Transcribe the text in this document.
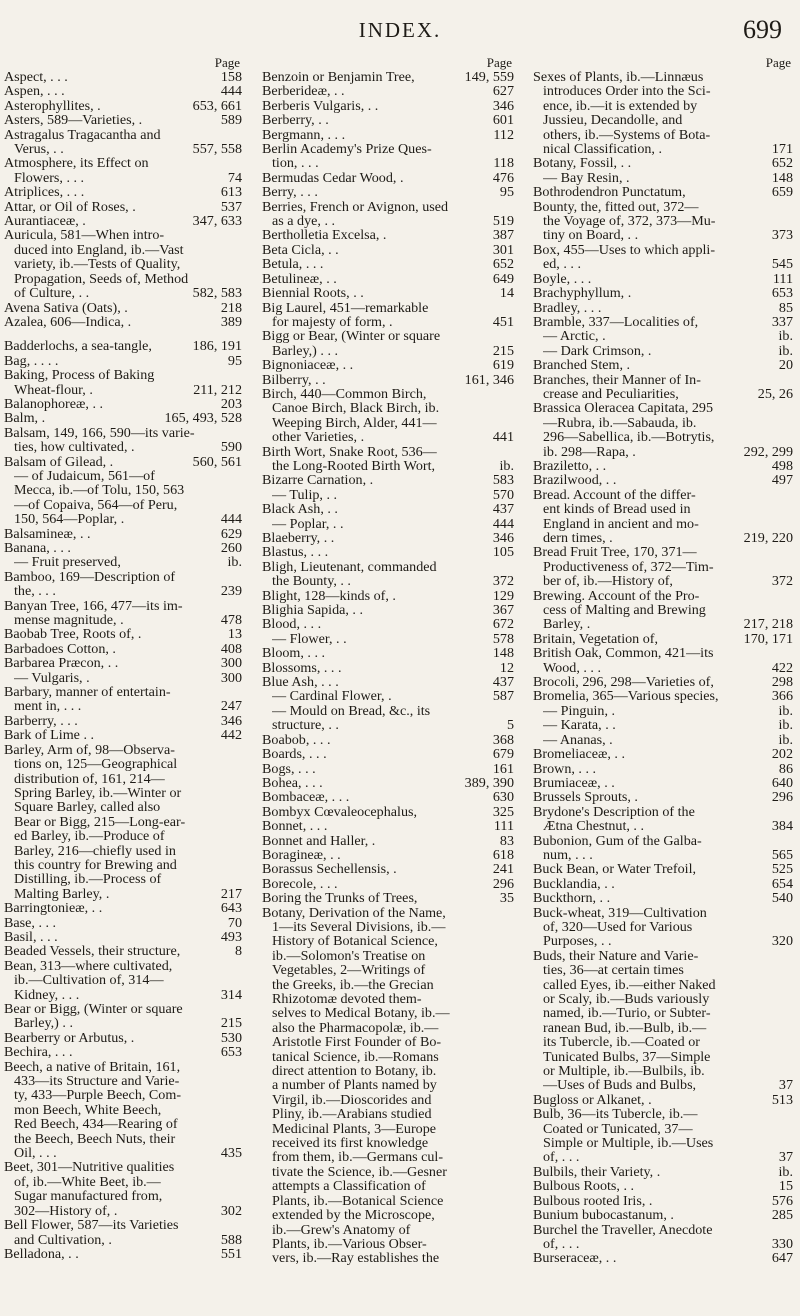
INDEX.	699
Page
Aspect, . . .	158
Aspen, . . .	444
Asterophyllites, .	653, 661
Asters, 589—Varieties, .	589
Astragalus Tragacantha and
Verus, . .	557, 558
Atmosphere, its Effect on
Flowers, . . .	74
Atriplices, . . .	613
Attar, or Oil of Roses, .	537
Aurantiaceæ, .	347, 633
Auricula, 581—When intro-
duced into England, ib.—Vast
variety, ib.—Tests of Quality,
Propagation, Seeds of, Method
of Culture, . .	582, 583
Avena Sativa (Oats), .	218
Azalea, 606—Indica, .	389
Badderlochs, a sea-tangle,	186, 191
Bag, . . . .	95
Baking, Process of Baking
Wheat-flour, .	211, 212
Balanophoreæ, . .	203
Balm, .	165, 493, 528
Balsam, 149, 166, 590—its varie-
ties, how cultivated, .	590
Balsam of Gilead, .	560, 561
— of Judaicum, 561—of
Mecca, ib.—of Tolu, 150, 563
—of Copaiva, 564—of Peru,
150, 564—Poplar, .	444
Balsamineæ, . .	629
Banana, . . .	260
— Fruit preserved,	ib.
Bamboo, 169—Description of
the, . . .	239
Banyan Tree, 166, 477—its im-
mense magnitude, .	478
Baobab Tree, Roots of, .	13
Barbadoes Cotton, .	408
Barbarea Præcon, . .	300
— Vulgaris, .	300
Barbary, manner of entertain-
ment in, . . .	247
Barberry, . . .	346
Bark of Lime . .	442
Barley, Arm of, 98—Observa-
tions on, 125—Geographical
distribution of, 161, 214—
Spring Barley, ib.—Winter or
Square Barley, called also
Bear or Bigg, 215—Long-ear-
ed Barley, ib.—Produce of
Barley, 216—chiefly used in
this country for Brewing and
Distilling, ib.—Process of
Malting Barley, .	217
Barringtonieæ, . .	643
Base, . . .	70
Basil, . . .	493
Beaded Vessels, their structure,	8
Bean, 313—where cultivated,
ib.—Cultivation of, 314—
Kidney, . . .	314
Bear or Bigg, (Winter or square
Barley,) . .	215
Bearberry or Arbutus, .	530
Bechira, . . .	653
Beech, a native of Britain, 161,
433—its Structure and Varie-
ty, 433—Purple Beech, Com-
mon Beech, White Beech,
Red Beech, 434—Rearing of
the Beech, Beech Nuts, their
Oil, . . .	435
Beet, 301—Nutritive qualities
of, ib.—White Beet, ib.—
Sugar manufactured from,
302—History of, .	302
Bell Flower, 587—its Varieties
and Cultivation, .	588
Belladona, . .	551
Page
Benzoin or Benjamin Tree,	149, 559
Berberideæ, . .	627
Berberis Vulgaris, . .	346
Berberry, . .	601
Bergmann, . . .	112
Berlin Academy's Prize Ques-
tion, . . .	118
Bermudas Cedar Wood, .	476
Berry, . . .	95
Berries, French or Avignon, used
as a dye, . .	519
Bertholletia Excelsa, .	387
Beta Cicla, . .	301
Betula, . . .	652
Betulineæ, . .	649
Biennial Roots, . .	14
Big Laurel, 451—remarkable
for majesty of form, .	451
Bigg or Bear, (Winter or square
Barley,) . . .	215
Bignoniaceæ, . .	619
Bilberry, . .	161, 346
Birch, 440—Common Birch,
Canoe Birch, Black Birch, ib.
Weeping Birch, Alder, 441—
other Varieties, .	441
Birth Wort, Snake Root, 536—
the Long-Rooted Birth Wort,	ib.
Bizarre Carnation, .	583
— Tulip, . .	570
Black Ash, . .	437
— Poplar, . .	444
Blaeberry, . .	346
Blastus, . . .	105
Bligh, Lieutenant, commanded
the Bounty, . .	372
Blight, 128—kinds of, .	129
Blighia Sapida, . .	367
Blood, . . .	672
— Flower, . .	578
Bloom, . . .	148
Blossoms, . . .	12
Blue Ash, . . .	437
— Cardinal Flower, .	587
— Mould on Bread, &c., its
structure, . .	5
Boabob, . . .	368
Boards, . . .	679
Bogs, . . .	161
Bohea, . . .	389, 390
Bombaceæ, . . .	630
Bombyx Cœvaleocephalus,	325
Bonnet, . . .	111
Bonnet and Haller, .	83
Boragineæ, . .	618
Borassus Sechellensis, .	241
Borecole, . . .	296
Boring the Trunks of Trees,	35
Botany, Derivation of the Name,
1—its Several Divisions, ib.—
History of Botanical Science,
ib.—Solomon's Treatise on
Vegetables, 2—Writings of
the Greeks, ib.—the Grecian
Rhizotomæ devoted them-
selves to Medical Botany, ib.—
also the Pharmacopolæ, ib.—
Aristotle First Founder of Bo-
tanical Science, ib.—Romans
direct attention to Botany, ib.
a number of Plants named by
Virgil, ib.—Dioscorides and
Pliny, ib.—Arabians studied
Medicinal Plants, 3—Europe
received its first knowledge
from them, ib.—Germans cul-
tivate the Science, ib.—Gesner
attempts a Classification of
Plants, ib.—Botanical Science
extended by the Microscope,
ib.—Grew's Anatomy of
Plants, ib.—Various Obser-
vers, ib.—Ray establishes the
Page
Sexes of Plants, ib.—Linnæus
introduces Order into the Sci-
ence, ib.—it is extended by
Jussieu, Decandolle, and
others, ib.—Systems of Bota-
nical Classification, .	171
Botany, Fossil, . .	652
— Bay Resin, .	148
Bothrodendron Punctatum,	659
Bounty, the, fitted out, 372—
the Voyage of, 372, 373—Mu-
tiny on Board, . .	373
Box, 455—Uses to which appli-
ed, . . .	545
Boyle, . . .	111
Brachyphyllum, .	653
Bradley, . . .	85
Bramble, 337—Localities of,	337
— Arctic, .	ib.
— Dark Crimson, .	ib.
Branched Stem, .	20
Branches, their Manner of In-
crease and Peculiarities,	25, 26
Brassica Oleracea Capitata, 295
—Rubra, ib.—Sabauda, ib.
296—Sabellica, ib.—Botrytis,
ib. 298—Rapa, .	292, 299
Braziletto, . .	498
Brazilwood, . .	497
Bread. Account of the differ-
ent kinds of Bread used in
England in ancient and mo-
dern times, .	219, 220
Bread Fruit Tree, 170, 371—
Productiveness of, 372—Tim-
ber of, ib.—History of,	372
Brewing. Account of the Pro-
cess of Malting and Brewing
Barley, .	217, 218
Britain, Vegetation of,	170, 171
British Oak, Common, 421—its
Wood, . . .	422
Brocoli, 296, 298—Varieties of,	298
Bromelia, 365—Various species,	366
— Pinguin, .	ib.
— Karata, . .	ib.
— Ananas, .	ib.
Bromeliaceæ, . .	202
Brown, . . .	86
Brumiaceæ, . .	640
Brussels Sprouts, .	296
Brydone's Description of the
Ætna Chestnut, . .	384
Bubonion, Gum of the Galba-
num, . . .	565
Buck Bean, or Water Trefoil,	525
Bucklandia, . .	654
Buckthorn, . .	540
Buck-wheat, 319—Cultivation
of, 320—Used for Various
Purposes, . .	320
Buds, their Nature and Varie-
ties, 36—at certain times
called Eyes, ib.—either Naked
or Scaly, ib.—Buds variously
named, ib.—Turio, or Subter-
ranean Bud, ib.—Bulb, ib.—
its Tubercle, ib.—Coated or
Tunicated Bulbs, 37—Simple
or Multiple, ib.—Bulbils, ib.
—Uses of Buds and Bulbs,	37
Bugloss or Alkanet, .	513
Bulb, 36—its Tubercle, ib.—
Coated or Tunicated, 37—
Simple or Multiple, ib.—Uses
of, . . .	37
Bulbils, their Variety, .	ib.
Bulbous Roots, . .	15
Bulbous rooted Iris, .	576
Bunium bubocastanum, .	285
Burchel the Traveller, Anecdote
of, . . .	330
Burseraceæ, . .	647
